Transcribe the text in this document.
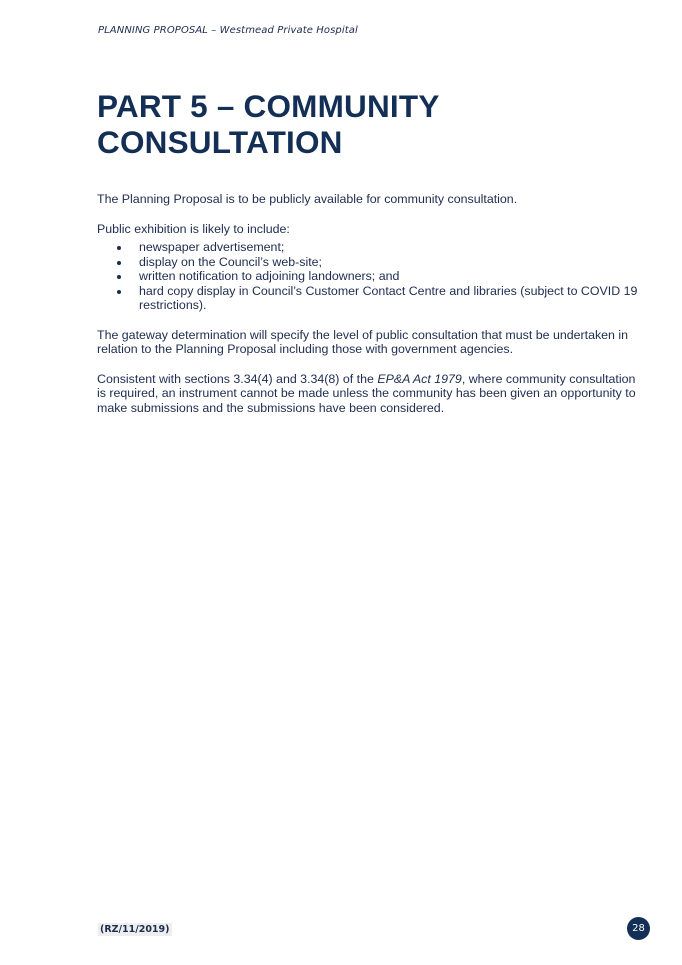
PLANNING PROPOSAL – Westmead Private Hospital
PART 5 – COMMUNITY CONSULTATION

The Planning Proposal is to be publicly available for community consultation.

Public exhibition is likely to include:

newspaper advertisement;
display on the Council’s web-site;
written notification to adjoining landowners; and
hard copy display in Council’s Customer Contact Centre and libraries (subject to COVID 19 restrictions).

The gateway determination will specify the level of public consultation that must be undertaken in relation to the Planning Proposal including those with government agencies.

Consistent with sections 3.34(4) and 3.34(8) of the EP&A Act 1979, where community consultation is required, an instrument cannot be made unless the community has been given an opportunity to make submissions and the submissions have been considered.

(RZ/11/2019)	28
